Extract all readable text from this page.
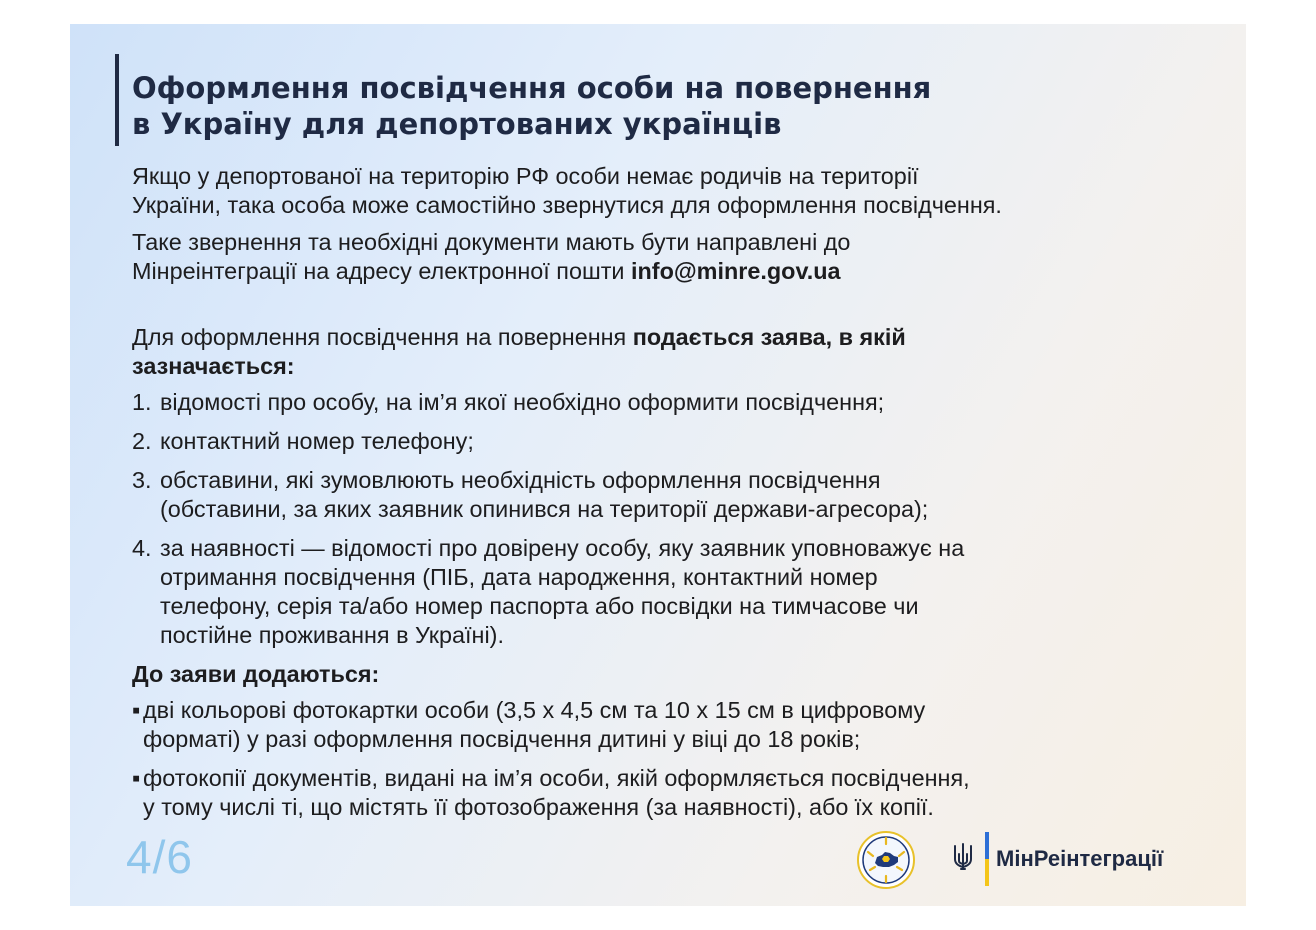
Оформлення посвідчення особи на повернення
в Україну для депортованих українців

Якщо у депортованої на територію РФ особи немає родичів на території
України, така особа може самостійно звернутися для оформлення посвідчення.

Таке звернення та необхідні документи мають бути направлені до
Мінреінтеграції на адресу електронної пошти info@minre.gov.ua

Для оформлення посвідчення на повернення подається заява, в якій
зазначається:

1. відомості про особу, на ім’я якої необхідно оформити посвідчення;
2. контактний номер телефону;
3. обставини, які зумовлюють необхідність оформлення посвідчення
(обставини, за яких заявник опинився на території держави-агресора);
4. за наявності — відомості про довірену особу, яку заявник уповноважує на
отримання посвідчення (ПІБ, дата народження, контактний номер
телефону, серія та/або номер паспорта або посвідки на тимчасове чи
постійне проживання в Україні).

До заяви додаються:

▪ дві кольорові фотокартки особи (3,5 х 4,5 см та 10 х 15 см в цифровому
форматі) у разі оформлення посвідчення дитині у віці до 18 років;
▪ фотокопії документів, видані на ім’я особи, якій оформляється посвідчення,
у тому числі ті, що містять її фотозображення (за наявності), або їх копії.
4/6	МінРеінтеграції
